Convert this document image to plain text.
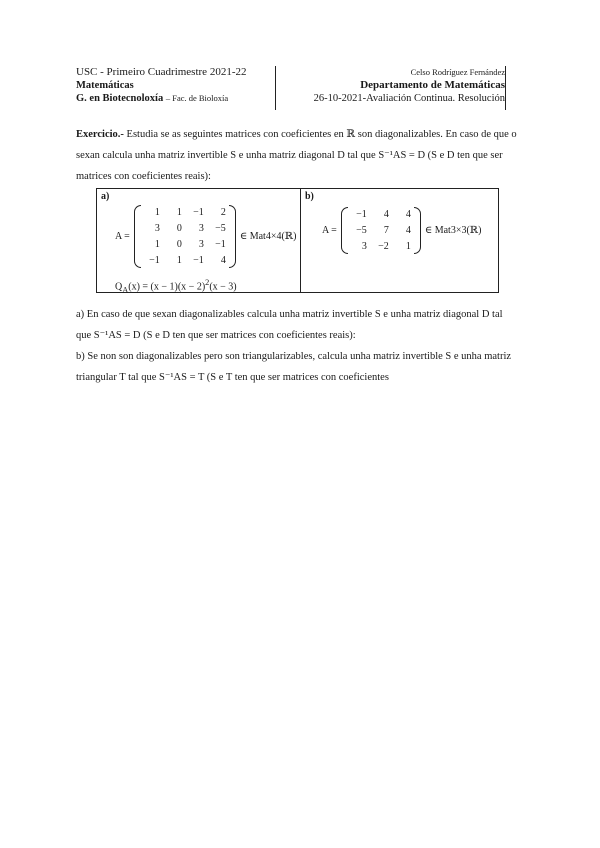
USC - Primeiro Cuadrimestre 2021-22
Matemáticas
G. en Biotecnoloxía – Fac. de Bioloxía
Celso Rodríguez Fernández
Departamento de Matemáticas
26-10-2021-Avaliación Continua. Resolución
Exercicio.- Estudia se as seguintes matrices con coeficientes en ℝ son diagonalizables. En caso de que o sexan calcula unha matriz invertible S e unha matriz diagonal D tal que S⁻¹AS = D (S e D ten que ser matrices con coeficientes reais):
a)
A =
1	1	−1	2
3	0	3	−5
1	0	3	−1
−1	1	−1	4
∈ Mat4×4(ℝ)
$Q_A(x) = (x - 1)(x - 2)^2(x - 3)$
b)
A =
−1	4	4
−5	7	4
3	−2	1
∈ Mat3×3(ℝ)
a) En caso de que sexan diagonalizables calcula unha matriz invertible S e unha matriz diagonal D tal que S⁻¹AS = D (S e D ten que ser matrices con coeficientes reais):
b) Se non son diagonalizables pero son triangularizables, calcula unha matriz invertible S e unha matriz triangular T tal que S⁻¹AS = T (S e T ten que ser matrices con coeficientes
